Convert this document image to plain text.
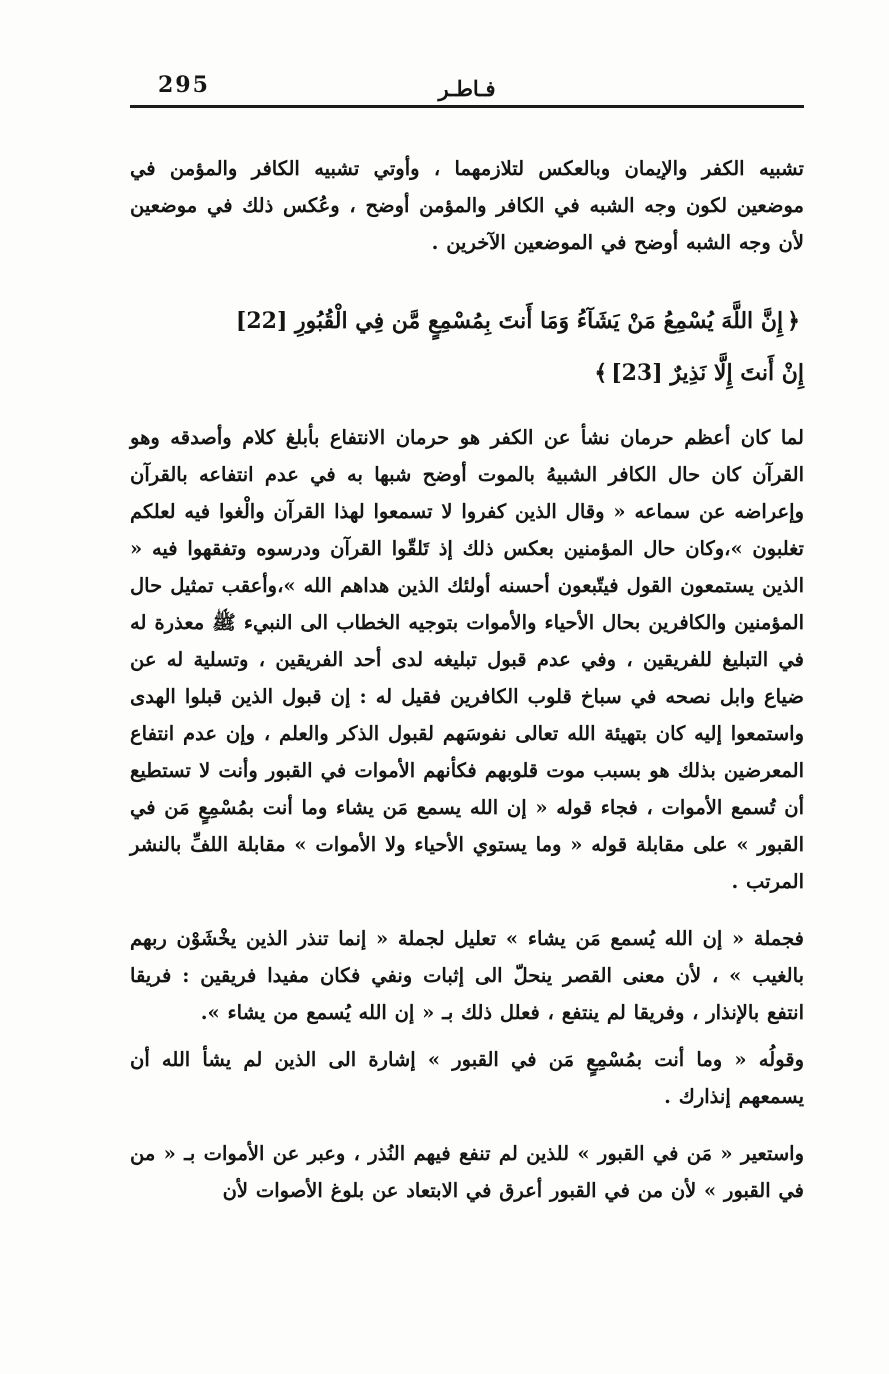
295	فـاطـر

تشبيه الكفر والإيمان وبالعكس لتلازمهما ، وأوتي تشبيه الكافر والمؤمن في موضعين لكون وجه الشبه في الكافر والمؤمن أوضح ، وعُكس ذلك في موضعين لأن وجه الشبه أوضح في الموضعين الآخرين .

﴿إِنَّ اللَّهَ يُسْمِعُ مَنْ يَشَآءُ وَمَا أَنتَ بِمُسْمِعٍ مَّن فِي الْقُبُورِ [22]

إِنْ أَنتَ إِلَّا نَذِيرٌ [23]﴾

لما كان أعظم حرمان نشأ عن الكفر هو حرمان الانتفاع بأبلغ كلام وأصدقه وهو القرآن كان حال الكافر الشبيهُ بالموت أوضح شبها به في عدم انتفاعه بالقرآن وإعراضه عن سماعه « وقال الذين كفروا لا تسمعوا لهذا القرآن والْغوا فيه لعلكم تغلبون »،وكان حال المؤمنين بعكس ذلك إذ تَلقّوا القرآن ودرسوه وتفقهوا فيه « الذين يستمعون القول فيتّبعون أحسنه أولئك الذين هداهم الله »،وأعقب تمثيل حال المؤمنين والكافرين بحال الأحياء والأموات بتوجيه الخطاب الى النبيء ﷺ معذرة له في التبليغ للفريقين ، وفي عدم قبول تبليغه لدى أحد الفريقين ، وتسلية له عن ضياع وابل نصحه في سباخ قلوب الكافرين فقيل له : إن قبول الذين قبلوا الهدى واستمعوا إليه كان بتهيئة الله تعالى نفوسَهم لقبول الذكر والعلم ، وإن عدم انتفاع المعرضين بذلك هو بسبب موت قلوبهم فكأنهم الأموات في القبور وأنت لا تستطيع أن تُسمع الأموات ، فجاء قوله « إن الله يسمع مَن يشاء وما أنت بمُسْمِعٍ مَن في القبور » على مقابلة قوله « وما يستوي الأحياء ولا الأموات » مقابلة اللفِّ بالنشر المرتب .

فجملة « إن الله يُسمع مَن يشاء » تعليل لجملة « إنما تنذر الذين يخْشَوْن ربهم بالغيب » ، لأن معنى القصر ينحلّ الى إثبات ونفي فكان مفيدا فريقين : فريقا انتفع بالإنذار ، وفريقا لم ينتفع ، فعلل ذلك بـ « إن الله يُسمع من يشاء ».

وقولُه « وما أنت بمُسْمِعٍ مَن في القبور » إشارة الى الذين لم يشأ الله أن يسمعهم إنذارك .

واستعير « مَن في القبور » للذين لم تنفع فيهم النُذر ، وعبر عن الأموات بـ « من في القبور » لأن من في القبور أعرق في الابتعاد عن بلوغ الأصوات لأن
